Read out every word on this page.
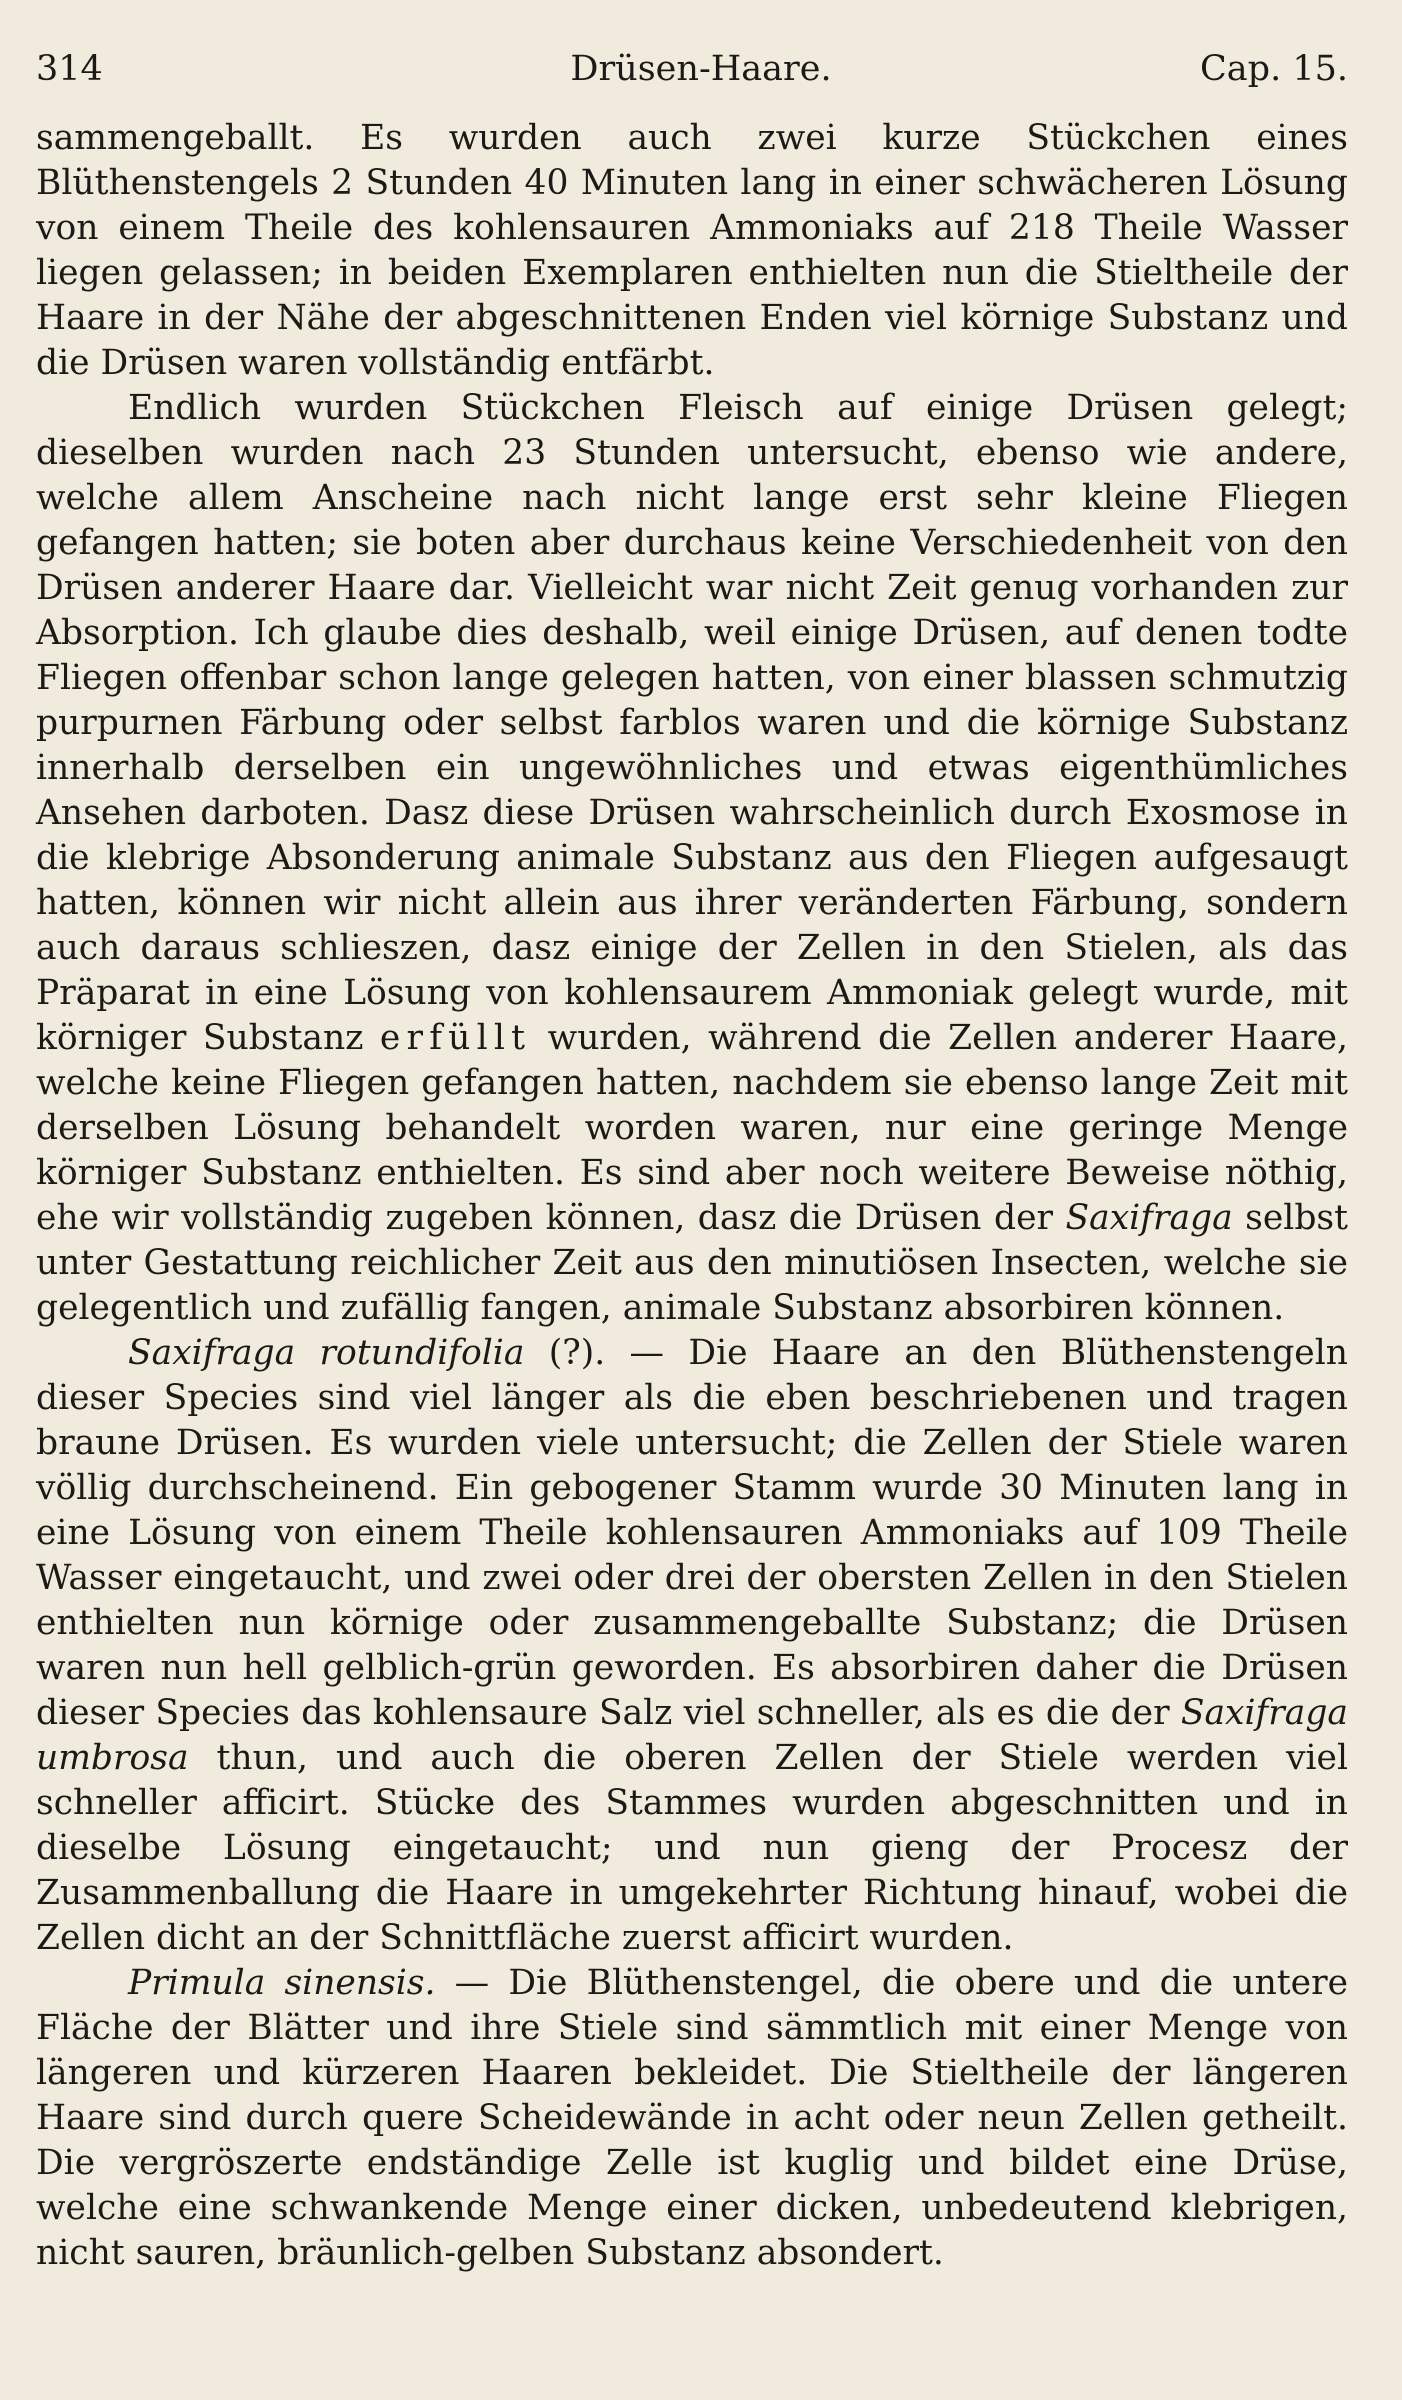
314	Drüsen-Haare.	Cap. 15.

sammengeballt. Es wurden auch zwei kurze Stückchen eines Blüthenstengels 2 Stunden 40 Minuten lang in einer schwächeren Lösung von einem Theile des kohlensauren Ammoniaks auf 218 Theile Wasser liegen gelassen; in beiden Exemplaren enthielten nun die Stieltheile der Haare in der Nähe der abgeschnittenen Enden viel körnige Substanz und die Drüsen waren vollständig entfärbt.

Endlich wurden Stückchen Fleisch auf einige Drüsen gelegt; dieselben wurden nach 23 Stunden untersucht, ebenso wie andere, welche allem Anscheine nach nicht lange erst sehr kleine Fliegen gefangen hatten; sie boten aber durchaus keine Verschiedenheit von den Drüsen anderer Haare dar. Vielleicht war nicht Zeit genug vorhanden zur Absorption. Ich glaube dies deshalb, weil einige Drüsen, auf denen todte Fliegen offenbar schon lange gelegen hatten, von einer blassen schmutzig purpurnen Färbung oder selbst farblos waren und die körnige Substanz innerhalb derselben ein ungewöhnliches und etwas eigenthümliches Ansehen darboten. Dasz diese Drüsen wahrscheinlich durch Exosmose in die klebrige Absonderung animale Substanz aus den Fliegen aufgesaugt hatten, können wir nicht allein aus ihrer veränderten Färbung, sondern auch daraus schlieszen, dasz einige der Zellen in den Stielen, als das Präparat in eine Lösung von kohlensaurem Ammoniak gelegt wurde, mit körniger Substanz erfüllt wurden, während die Zellen anderer Haare, welche keine Fliegen gefangen hatten, nachdem sie ebenso lange Zeit mit derselben Lösung behandelt worden waren, nur eine geringe Menge körniger Substanz enthielten. Es sind aber noch weitere Beweise nöthig, ehe wir vollständig zugeben können, dasz die Drüsen der Saxifraga selbst unter Gestattung reichlicher Zeit aus den minutiösen Insecten, welche sie gelegentlich und zufällig fangen, animale Substanz absorbiren können.

Saxifraga rotundifolia (?). — Die Haare an den Blüthenstengeln dieser Species sind viel länger als die eben beschriebenen und tragen braune Drüsen. Es wurden viele untersucht; die Zellen der Stiele waren völlig durchscheinend. Ein gebogener Stamm wurde 30 Minuten lang in eine Lösung von einem Theile kohlensauren Ammoniaks auf 109 Theile Wasser eingetaucht, und zwei oder drei der obersten Zellen in den Stielen enthielten nun körnige oder zusammengeballte Substanz; die Drüsen waren nun hell gelblich-grün geworden. Es absorbiren daher die Drüsen dieser Species das kohlensaure Salz viel schneller, als es die der Saxifraga umbrosa thun, und auch die oberen Zellen der Stiele werden viel schneller afficirt. Stücke des Stammes wurden abgeschnitten und in dieselbe Lösung eingetaucht; und nun gieng der Procesz der Zusammenballung die Haare in umgekehrter Richtung hinauf, wobei die Zellen dicht an der Schnittfläche zuerst afficirt wurden.

Primula sinensis. — Die Blüthenstengel, die obere und die untere Fläche der Blätter und ihre Stiele sind sämmtlich mit einer Menge von längeren und kürzeren Haaren bekleidet. Die Stieltheile der längeren Haare sind durch quere Scheidewände in acht oder neun Zellen getheilt. Die vergröszerte endständige Zelle ist kuglig und bildet eine Drüse, welche eine schwankende Menge einer dicken, unbedeutend klebrigen, nicht sauren, bräunlich-gelben Substanz absondert.
